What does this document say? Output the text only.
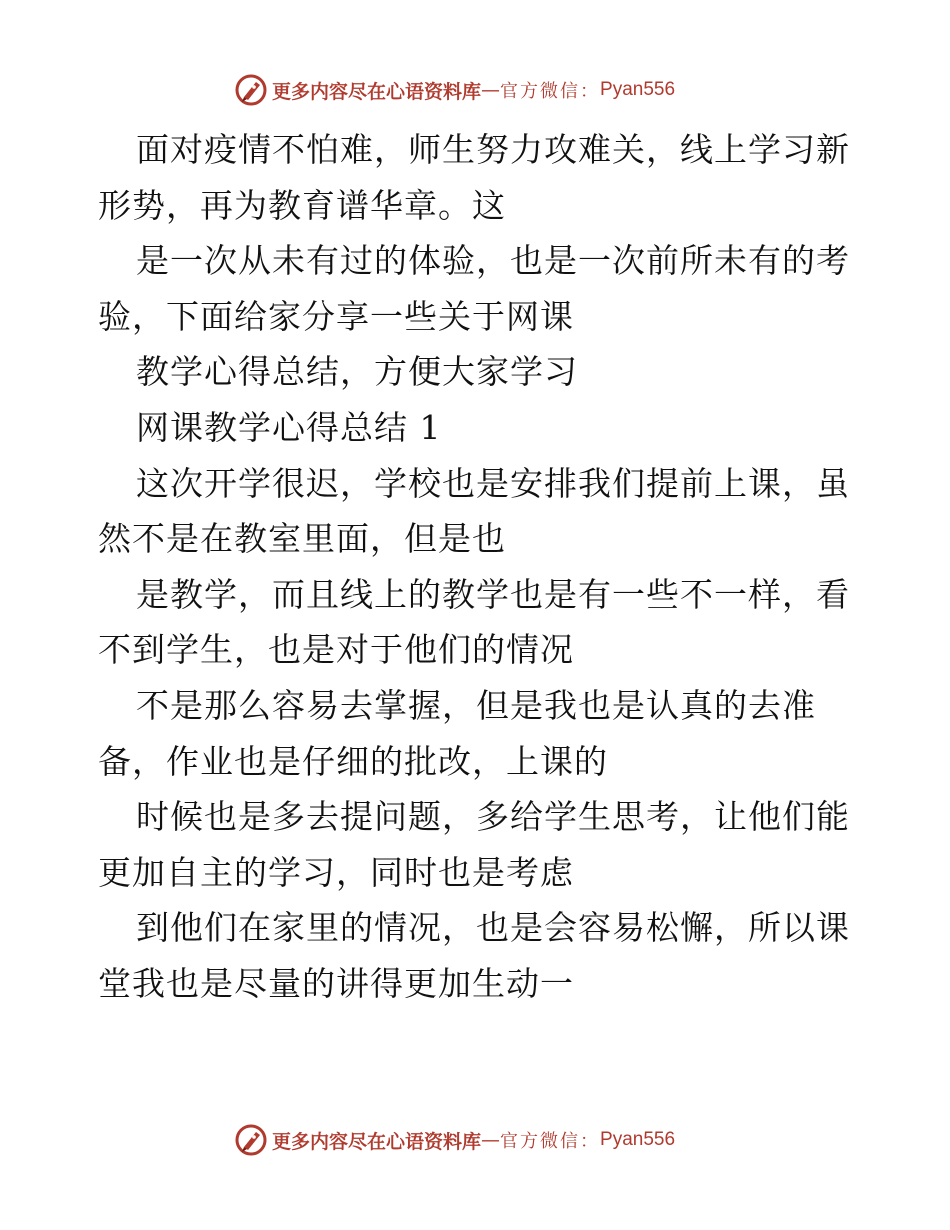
更多内容尽在心语资料库 — 官方微信： Pyan556
面对疫情不怕难，师生努力攻难关，线上学习新
形势，再为教育谱华章。这
是一次从未有过的体验，也是一次前所未有的考
验，下面给家分享一些关于网课
教学心得总结，方便大家学习
网课教学心得总结 1
这次开学很迟，学校也是安排我们提前上课，虽
然不是在教室里面，但是也
是教学，而且线上的教学也是有一些不一样，看
不到学生，也是对于他们的情况
不是那么容易去掌握，但是我也是认真的去准
备，作业也是仔细的批改，上课的
时候也是多去提问题，多给学生思考，让他们能
更加自主的学习，同时也是考虑
到他们在家里的情况，也是会容易松懈，所以课
堂我也是尽量的讲得更加生动一
更多内容尽在心语资料库 — 官方微信： Pyan556
